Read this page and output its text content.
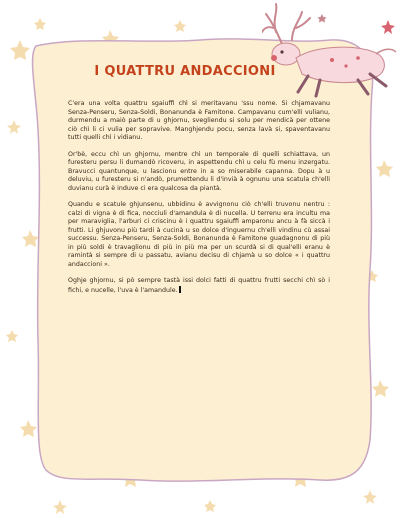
I QUATTRU ANDACCIONI

C'era una volta quattru sgaiuffi chì si meritavanu 'ssu nome. Si chjamavanu Senza-Penseru, Senza-Soldi, Bonanunda è Famitone. Campavanu cum'elli vulianu, durmendu a maiò parte di u ghjornu, svegliendu si solu per mendicà per ottene ciò chì li ci vulia per sopravive. Manghjendu pocu, senza lavà si, spaventavanu tutti quelli chì i vidianu.

Or'bè, eccu chì un ghjornu, mentre chì un temporale di quelli schiattava, un furesteru persu li dumandò ricoveru, in aspettendu chì u celu fù menu inzergatu. Bravucci quantunque, u lascionu entre in a so miserabile capanna. Dopu à u deluviu, u furesteru si n'andò, prumettendu li d'invià à ognunu una scatula ch'elli duvianu curà è induve ci era qualcosa da piantà.

Quandu e scatule ghjunsenu, ubbidinu è avvignonu ciò ch'elli truvonu nentru : calzi di vigna è di fica, nocciuli d'amandula è di nucella. U terrenu era incultu ma per maraviglia, l'arburi ci criscinu è i quattru sgaiuffi amparonu ancu à fà siccà i frutti. Li ghjuvonu più tardi à cucinà u so dolce d'inguernu ch'elli vindinu cù assai successu. Senza-Penseru, Senza-Soldi, Bonanunda è Famitone guadagnonu di più in più soldi è travaglionu di più in più ma per un scurdà si di qual'elli eranu è ramintà si sempre di u passatu, avianu decisu di chjamà u so dolce « i quattru andaccioni ».

Oghje ghjornu, si pò sempre tastà issi dolci fatti di quattru frutti secchi chì sò i fichi, e nucelle, l'uva è l'amandule.
